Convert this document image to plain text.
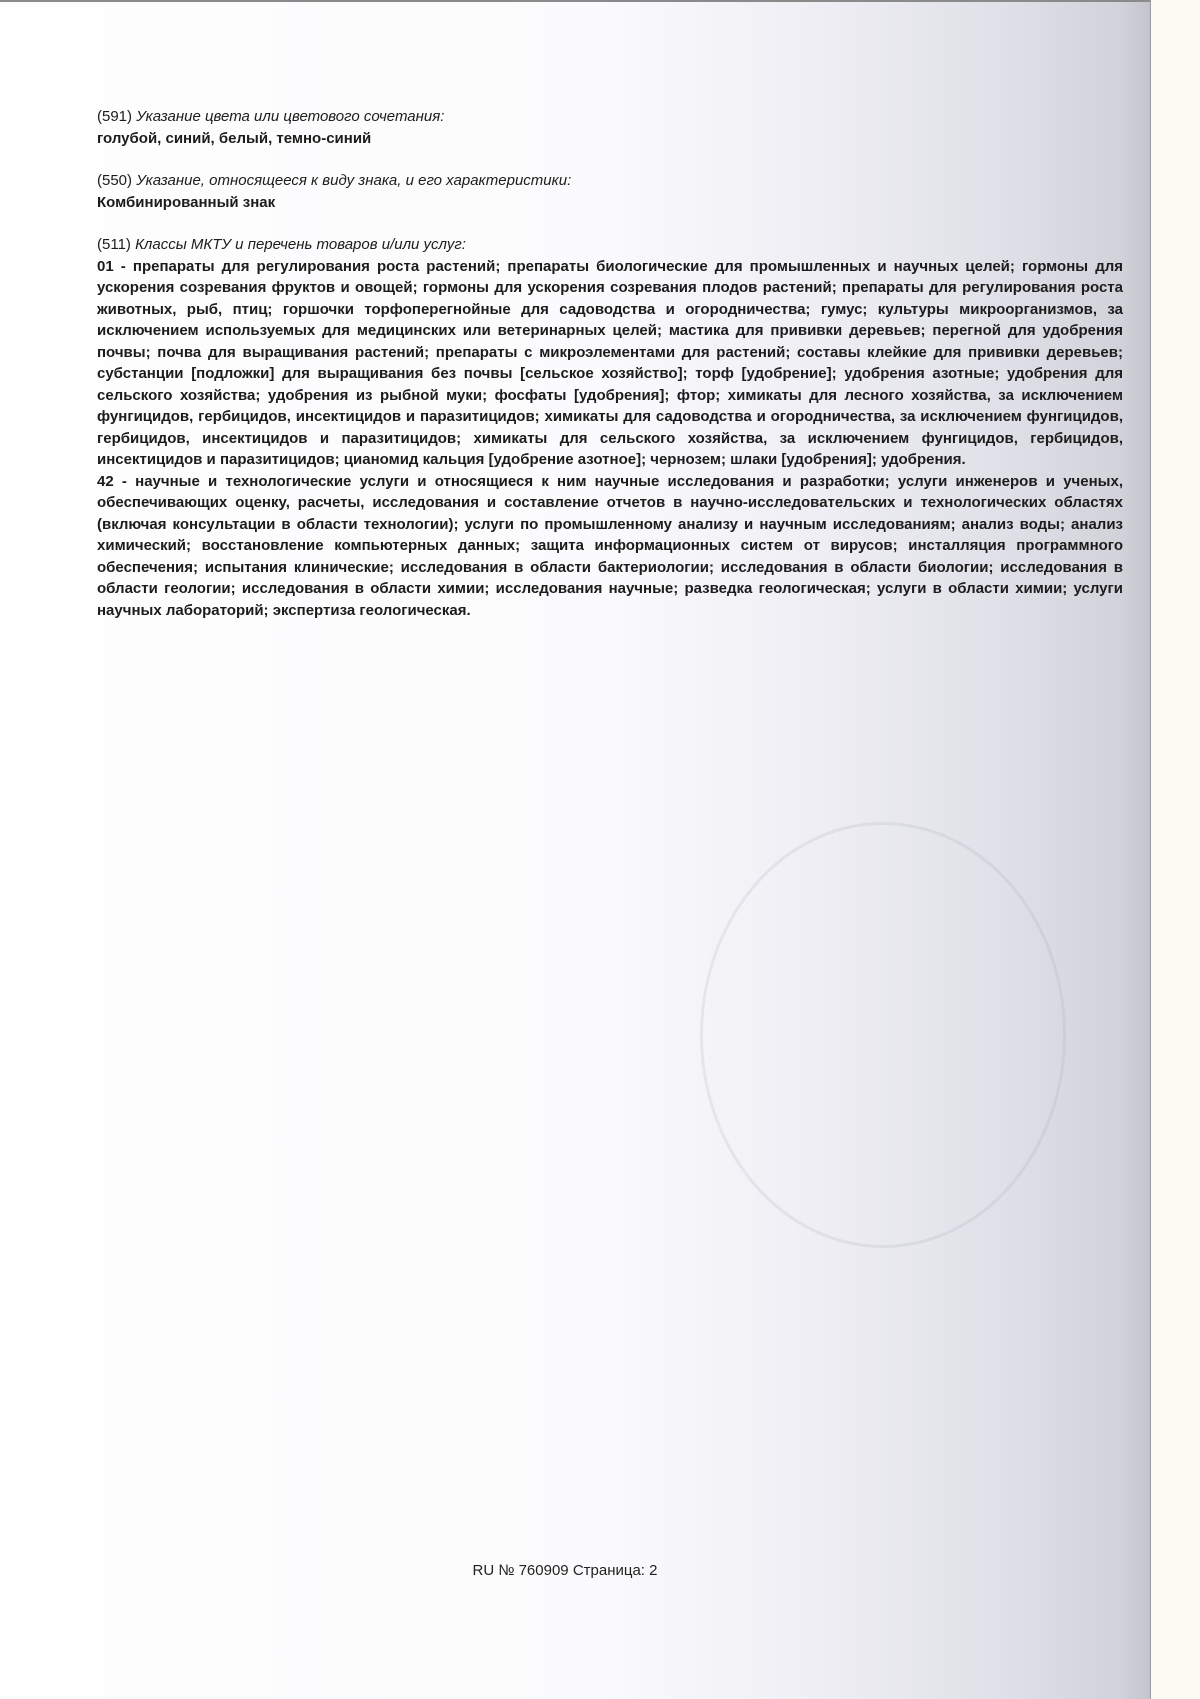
(591) Указание цвета или цветового сочетания:
голубой, синий, белый, темно-синий
(550) Указание, относящееся к виду знака, и его характеристики:
Комбинированный знак
(511) Классы МКТУ и перечень товаров и/или услуг:
01 - препараты для регулирования роста растений; препараты биологические для промышленных и научных целей; гормоны для ускорения созревания фруктов и овощей; гормоны для ускорения созревания плодов растений; препараты для регулирования роста животных, рыб, птиц; горшочки торфоперегнойные для садоводства и огородничества; гумус; культуры микроорганизмов, за исключением используемых для медицинских или ветеринарных целей; мастика для прививки деревьев; перегной для удобрения почвы; почва для выращивания растений; препараты с микроэлементами для растений; составы клейкие для прививки деревьев; субстанции [подложки] для выращивания без почвы [сельское хозяйство]; торф [удобрение]; удобрения азотные; удобрения для сельского хозяйства; удобрения из рыбной муки; фосфаты [удобрения]; фтор; химикаты для лесного хозяйства, за исключением фунгицидов, гербицидов, инсектицидов и паразитицидов; химикаты для садоводства и огородничества, за исключением фунгицидов, гербицидов, инсектицидов и паразитицидов; химикаты для сельского хозяйства, за исключением фунгицидов, гербицидов, инсектицидов и паразитицидов; цианомид кальция [удобрение азотное]; чернозем; шлаки [удобрения]; удобрения.
42 - научные и технологические услуги и относящиеся к ним научные исследования и разработки; услуги инженеров и ученых, обеспечивающих оценку, расчеты, исследования и составление отчетов в научно-исследовательских и технологических областях (включая консультации в области технологии); услуги по промышленному анализу и научным исследованиям; анализ воды; анализ химический; восстановление компьютерных данных; защита информационных систем от вирусов; инсталляция программного обеспечения; испытания клинические; исследования в области бактериологии; исследования в области биологии; исследования в области геологии; исследования в области химии; исследования научные; разведка геологическая; услуги в области химии; услуги научных лабораторий; экспертиза геологическая.
RU № 760909 Страница: 2
